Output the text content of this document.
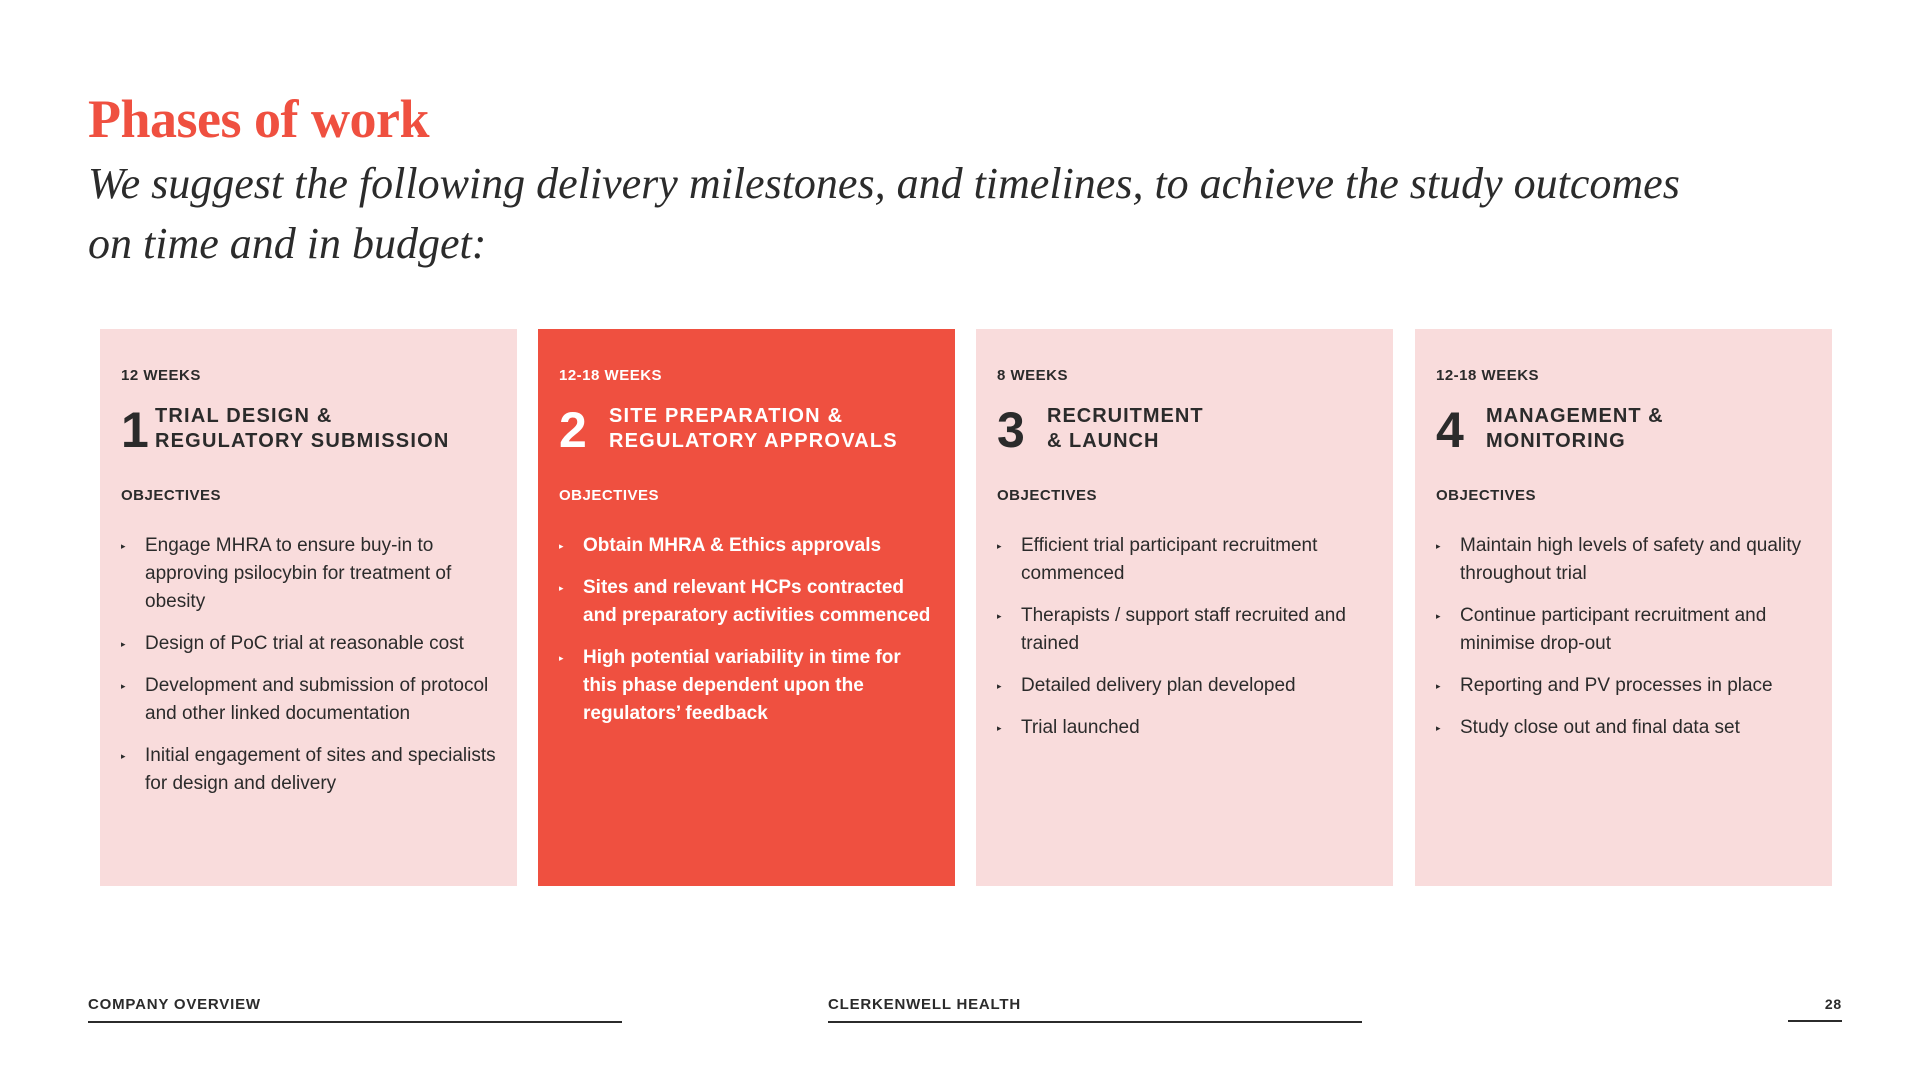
Phases of work

We suggest the following delivery milestones, and timelines, to achieve the study outcomes on time and in budget:

12 WEEKS
1 TRIAL DESIGN &
REGULATORY SUBMISSION
OBJECTIVES
▸ Engage MHRA to ensure buy-in to approving psilocybin for treatment of obesity
▸ Design of PoC trial at reasonable cost
▸ Development and submission of protocol and other linked documentation
▸ Initial engagement of sites and specialists for design and delivery
12-18 WEEKS
2	SITE PREPARATION &
REGULATORY APPROVALS
OBJECTIVES
▸ Obtain MHRA & Ethics approvals
▸ Sites and relevant HCPs contracted and preparatory activities commenced
▸ High potential variability in time for this phase dependent upon the regulators’ feedback
8 WEEKS
3	RECRUITMENT
& LAUNCH
OBJECTIVES
▸ Efficient trial participant recruitment commenced
▸ Therapists / support staff recruited and trained
▸ Detailed delivery plan developed
▸ Trial launched
12-18 WEEKS
4	MANAGEMENT &
MONITORING
OBJECTIVES
▸ Maintain high levels of safety and quality throughout trial
▸ Continue participant recruitment and minimise drop-out
▸ Reporting and PV processes in place
▸ Study close out and final data set
COMPANY OVERVIEW	CLERKENWELL HEALTH	28
